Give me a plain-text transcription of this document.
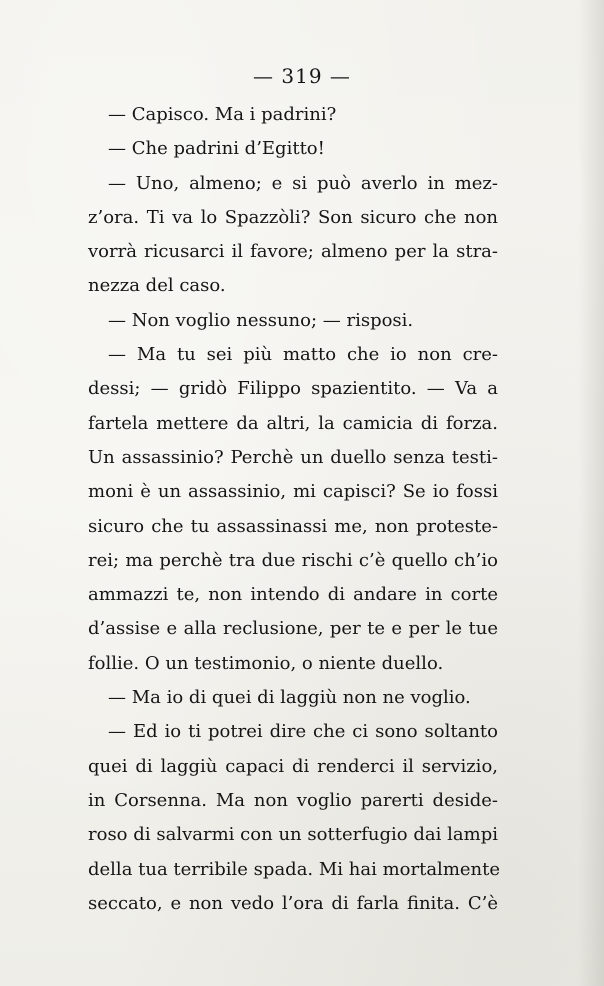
— 319 —
— Capisco. Ma i padrini?
— Che padrini d’Egitto!
— Uno, almeno; e si può averlo in mez-
z’ora. Ti va lo Spazzòli? Son sicuro che non
vorrà ricusarci il favore; almeno per la stra-
nezza del caso.
— Non voglio nessuno; — risposi.
— Ma tu sei più matto che io non cre-
dessi; — gridò Filippo spazientito. — Va a
fartela mettere da altri, la camicia di forza.
Un assassinio? Perchè un duello senza testi-
moni è un assassinio, mi capisci? Se io fossi
sicuro che tu assassinassi me, non proteste-
rei; ma perchè tra due rischi c’è quello ch’io
ammazzi te, non intendo di andare in corte
d’assise e alla reclusione, per te e per le tue
follie. O un testimonio, o niente duello.
— Ma io di quei di laggiù non ne voglio.
— Ed io ti potrei dire che ci sono soltanto
quei di laggiù capaci di renderci il servizio,
in Corsenna. Ma non voglio parerti deside-
roso di salvarmi con un sotterfugio dai lampi
della tua terribile spada. Mi hai mortalmente
seccato, e non vedo l’ora di farla finita. C’è
